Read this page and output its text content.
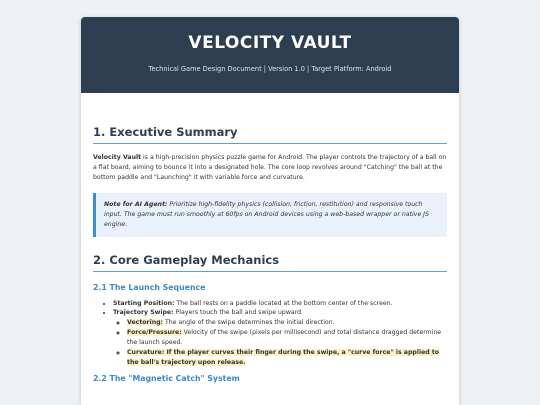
VELOCITY VAULT
Technical Game Design Document | Version 1.0 | Target Platform: Android
1. Executive Summary

Velocity Vault is a high-precision physics puzzle game for Android. The player controls the trajectory of a ball on a flat board, aiming to bounce it into a designated hole. The core loop revolves around "Catching" the ball at the bottom paddle and "Launching" it with variable force and curvature.

Note for AI Agent: Prioritize high-fidelity physics (collision, friction, restitution) and responsive touch input. The game must run smoothly at 60fps on Android devices using a web-based wrapper or native JS engine.
2. Core Gameplay Mechanics
2.1 The Launch Sequence
• Starting Position: The ball rests on a paddle located at the bottom center of the screen.
• Trajectory Swipe: Players touch the ball and swipe upward.
◦ Vectoring: The angle of the swipe determines the initial direction.
◦ Force/Pressure: Velocity of the swipe (pixels per millisecond) and total distance dragged determine the launch speed.
◦ Curvature: If the player curves their finger during the swipe, a "curve force" is applied to the ball's trajectory upon release.
2.2 The "Magnetic Catch" System
